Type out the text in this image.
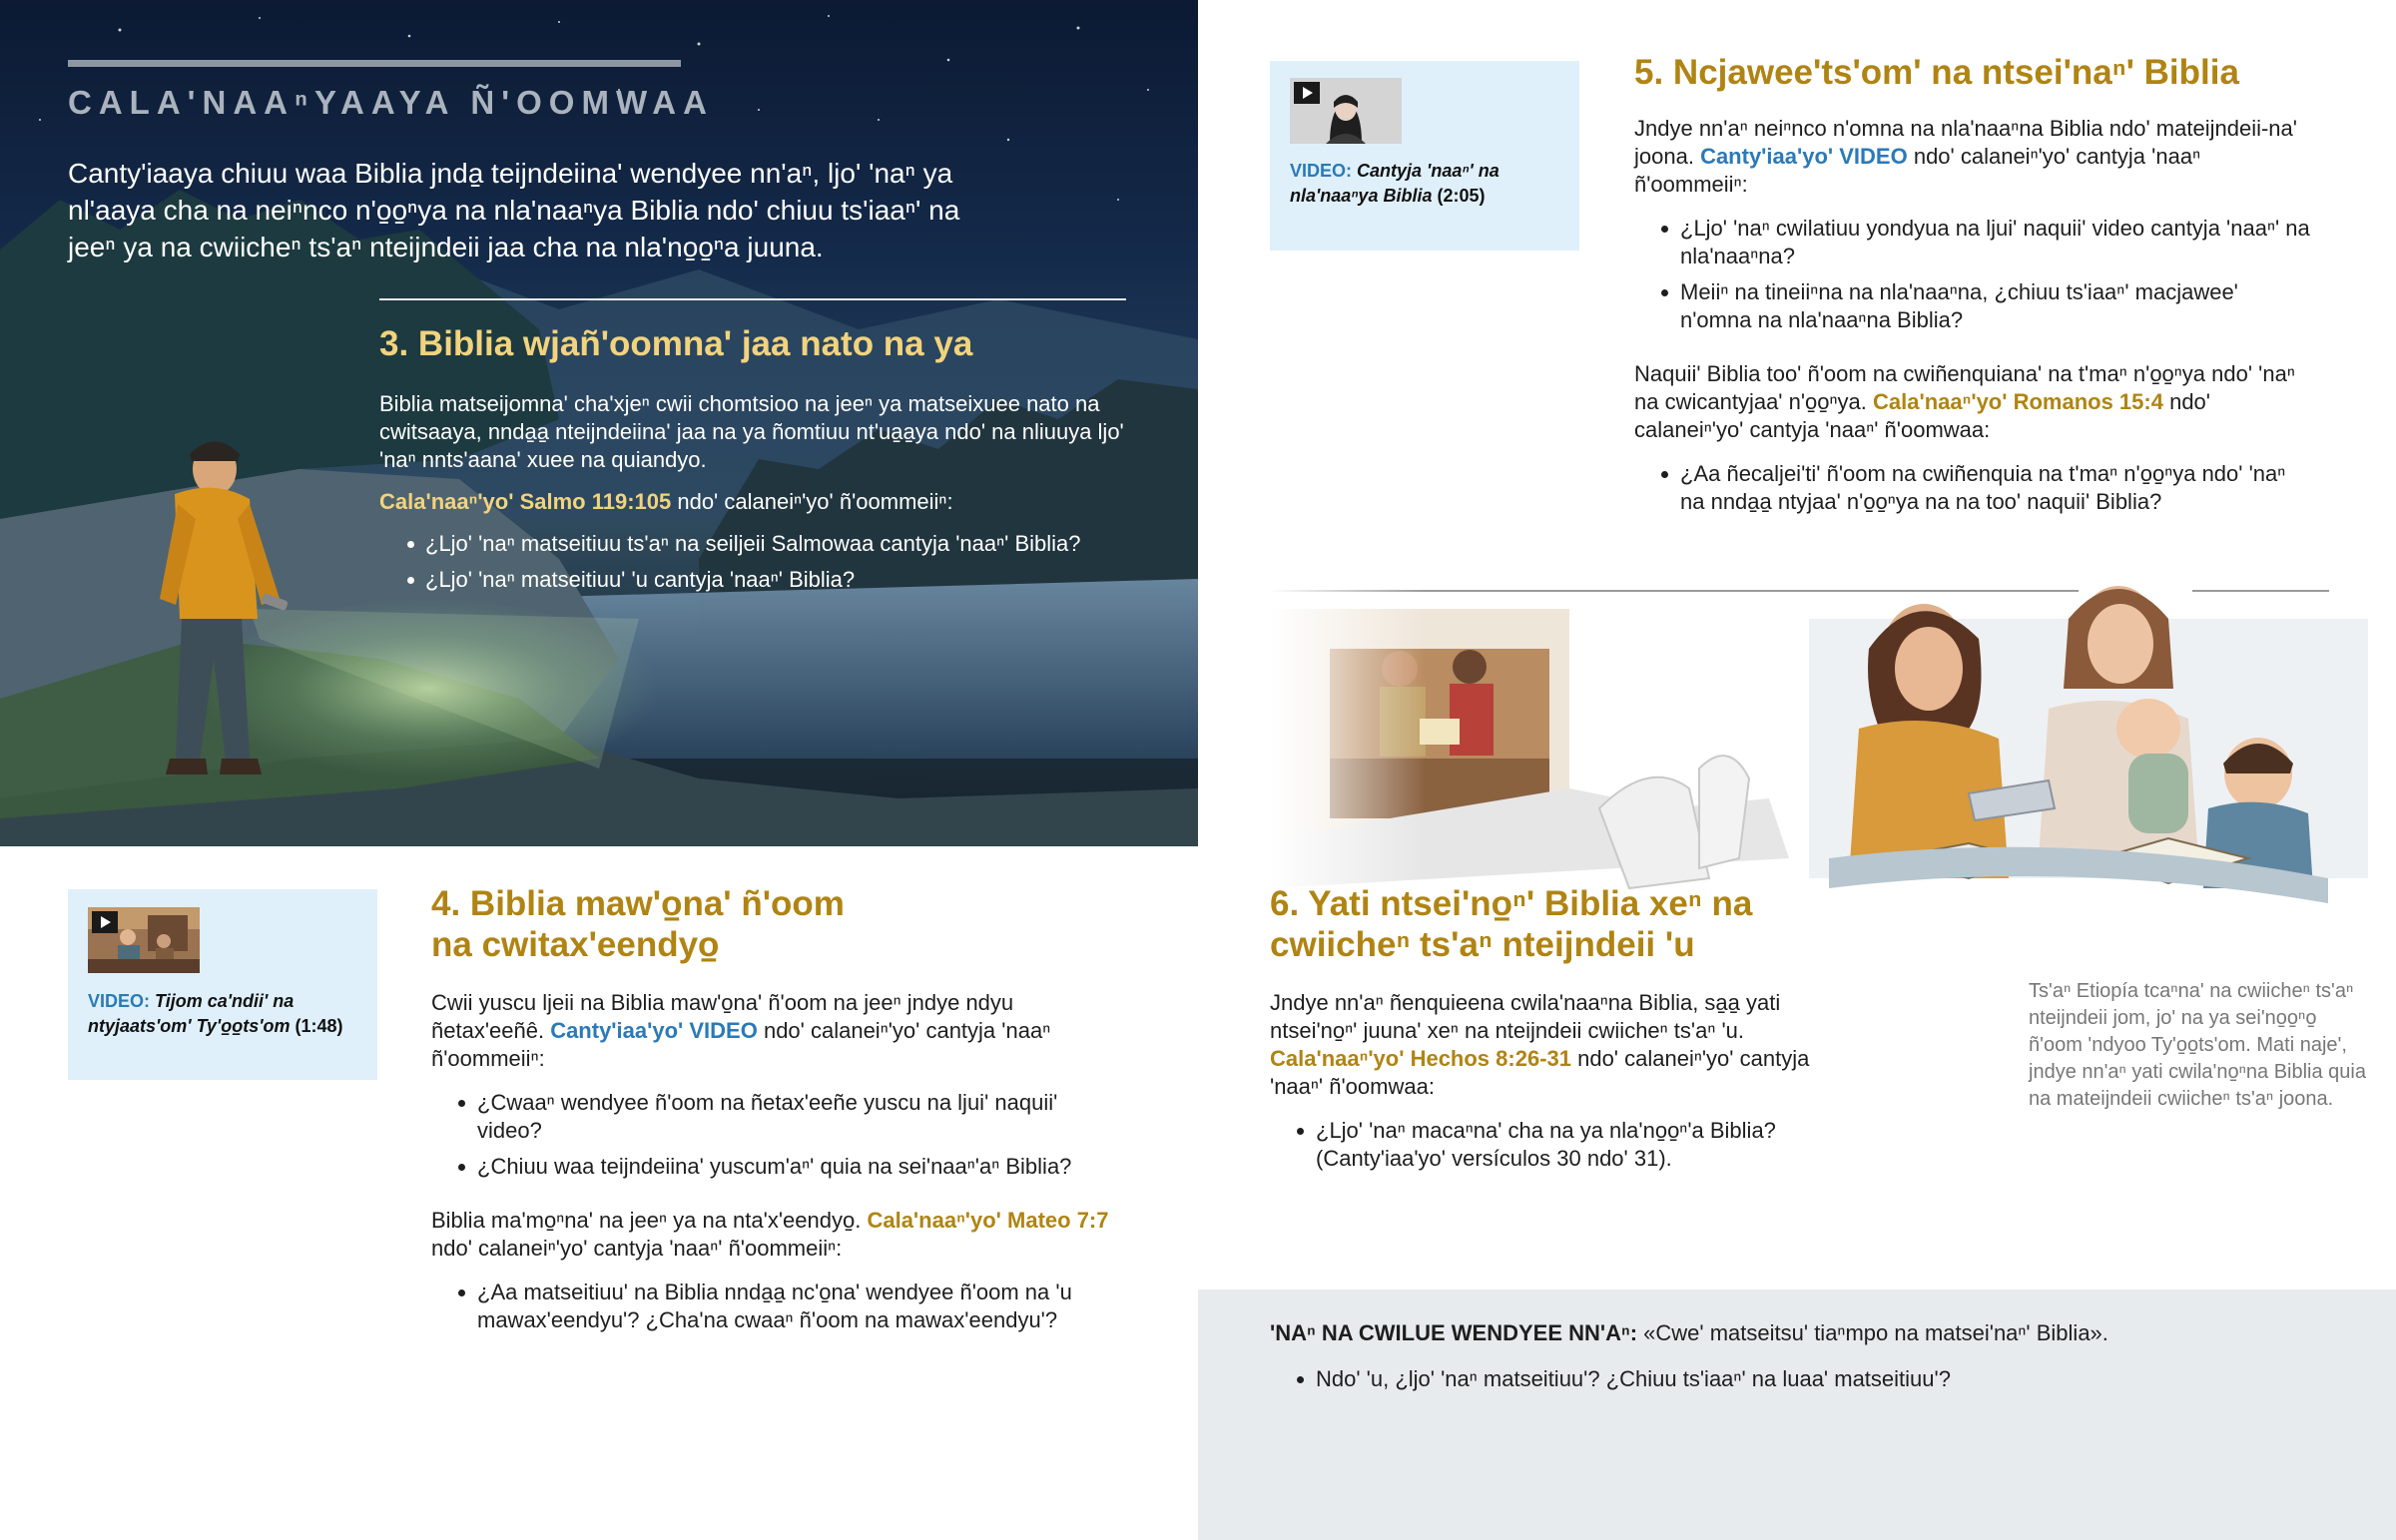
CALA'NAAⁿYAAYA Ñ'OOMWAA

Canty'iaaya chiuu waa Biblia jnda̠ teijndeiina' wendyee nn'aⁿ, ljo' 'naⁿ ya nl'aaya cha na neiⁿnco n'o̠o̠ⁿya na nla'naaⁿya Biblia ndo' chiuu ts'iaaⁿ' na jeeⁿ ya na cwiicheⁿ ts'aⁿ nteijndeii jaa cha na nla'no̠o̠ⁿa juuna.

3. Biblia wjañ'oomna' jaa nato na ya

Biblia matseijomna' cha'xjeⁿ cwii chomtsioo na jeeⁿ ya matseixuee nato na cwitsaaya, nnda̠a̠ nteijndeiina' jaa na ya ñomtiuu nt'ua̠a̠ya ndo' na nliuuya ljo' 'naⁿ nnts'aana' xuee na quiandyo.

Cala'naaⁿ'yo' Salmo 119:105 ndo' calaneiⁿ'yo' ñ'oommeiiⁿ:

¿Ljo' 'naⁿ matseitiuu ts'aⁿ na seiljeii Salmowaa cantyja 'naaⁿ' Biblia?
¿Ljo' 'naⁿ matseitiuu' 'u cantyja 'naaⁿ' Biblia?

VIDEO: Tijom ca'ndii' na ntyjaats'om' Ty'o̠o̠ts'om (1:48)

4. Biblia maw'o̠na' ñ'oom na cwitax'eendyo̠

Cwii yuscu ljeii na Biblia maw'o̠na' ñ'oom na jeeⁿ jndye ndyu ñetax'eeñê. Canty'iaa'yo' VIDEO ndo' calaneiⁿ'yo' cantyja 'naaⁿ ñ'oommeiiⁿ:

¿Cwaaⁿ wendyee ñ'oom na ñetax'eeñe yuscu na ljui' naquii' video?
¿Chiuu waa teijndeiina' yuscum'aⁿ' quia na sei'naaⁿ'aⁿ Biblia?

Biblia ma'mo̠ⁿna' na jeeⁿ ya na nta'x'eendyo̠. Cala'naaⁿ'yo' Mateo 7:7 ndo' calaneiⁿ'yo' cantyja 'naaⁿ' ñ'oommeiiⁿ:

¿Aa matseitiuu' na Biblia nnda̠a̠ nc'o̠na' wendyee ñ'oom na 'u mawax'eendyu'? ¿Cha'na cwaaⁿ ñ'oom na mawax'eendyu'?

VIDEO: Cantyja 'naaⁿ' na nla'naaⁿya Biblia (2:05)

5. Ncjawee'ts'om' na ntsei'naⁿ' Biblia

Jndye nn'aⁿ neiⁿnco n'omna na nla'naaⁿna Biblia ndo' mateijndeii-na' joona. Canty'iaa'yo' VIDEO ndo' calaneiⁿ'yo' cantyja 'naaⁿ ñ'oommeiiⁿ:

¿Ljo' 'naⁿ cwilatiuu yondyua na ljui' naquii' video cantyja 'naaⁿ' na nla'naaⁿna?
Meiiⁿ na tineiiⁿna na nla'naaⁿna, ¿chiuu ts'iaaⁿ' macjawee' n'omna na nla'naaⁿna Biblia?

Naquii' Biblia too' ñ'oom na cwiñenquiana' na t'maⁿ n'o̠o̠ⁿya ndo' 'naⁿ na cwicantyjaa' n'o̠o̠ⁿya. Cala'naaⁿ'yo' Romanos 15:4 ndo' calaneiⁿ'yo' cantyja 'naaⁿ' ñ'oomwaa:

¿Aa ñecaljei'ti' ñ'oom na cwiñenquia na t'maⁿ n'o̠o̠ⁿya ndo' 'naⁿ na nnda̠a̠ ntyjaa' n'o̠o̠ⁿya na na too' naquii' Biblia?
6. Yati ntsei'no̠ⁿ' Biblia xeⁿ na cwiicheⁿ ts'aⁿ nteijndeii 'u

Jndye nn'aⁿ ñenquieena cwila'naaⁿna Biblia, sa̠a̠ yati ntsei'no̠ⁿ' juuna' xeⁿ na nteijndeii cwiicheⁿ ts'aⁿ 'u. Cala'naaⁿ'yo' Hechos 8:26-31 ndo' calaneiⁿ'yo' cantyja 'naaⁿ' ñ'oomwaa:

¿Ljo' 'naⁿ macaⁿna' cha na ya nla'no̠o̠ⁿ'a Biblia? (Canty'iaa'yo' versículos 30 ndo' 31).

Ts'aⁿ Etiopía tcaⁿna' na cwiicheⁿ ts'aⁿ nteijndeii jom, jo' na ya sei'no̠o̠ⁿo̠ ñ'oom 'ndyoo Ty'o̠o̠ts'om. Mati naje', jndye nn'aⁿ yati cwila'no̠ⁿna Biblia quia na mateijndeii cwiicheⁿ ts'aⁿ joona.

'NAⁿ NA CWILUE WENDYEE NN'Aⁿ: «Cwe' matseitsu' tiaⁿmpo na matsei'naⁿ' Biblia».

Ndo' 'u, ¿ljo' 'naⁿ matseitiuu'? ¿Chiuu ts'iaaⁿ' na luaa' matseitiuu'?
